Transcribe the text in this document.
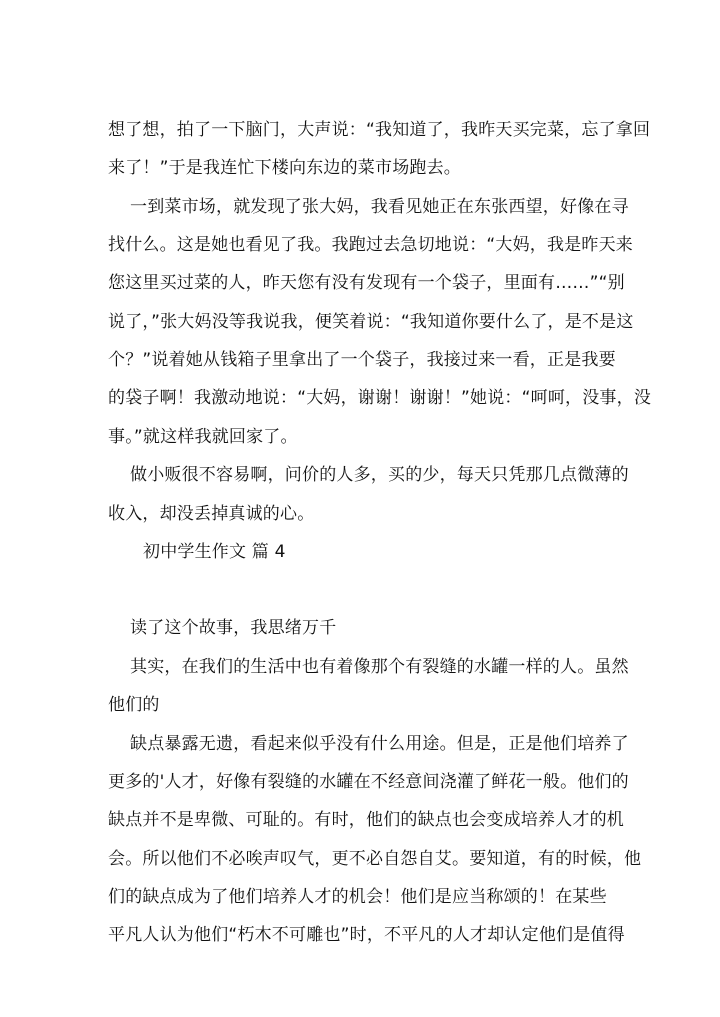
想了想，拍了一下脑门，大声说：“我知道了，我昨天买完菜，忘了拿回
来了！”于是我连忙下楼向东边的菜市场跑去。
一到菜市场，就发现了张大妈，我看见她正在东张西望，好像在寻
找什么。这是她也看见了我。我跑过去急切地说：“大妈，我是昨天来
您这里买过菜的人，昨天您有没有发现有一个袋子，里面有……”“别
说了，”张大妈没等我说我，便笑着说：“我知道你要什么了，是不是这
个？”说着她从钱箱子里拿出了一个袋子，我接过来一看，正是我要
的袋子啊！我激动地说：“大妈，谢谢！谢谢！”她说：“呵呵，没事，没
事。”就这样我就回家了。
做小贩很不容易啊，问价的人多，买的少，每天只凭那几点微薄的
收入，却没丢掉真诚的心。
初中学生作文 篇 4
读了这个故事，我思绪万千
其实，在我们的生活中也有着像那个有裂缝的水罐一样的人。虽然
他们的
缺点暴露无遗，看起来似乎没有什么用途。但是，正是他们培养了
更多的'人才，好像有裂缝的水罐在不经意间浇灌了鲜花一般。他们的
缺点并不是卑微、可耻的。有时，他们的缺点也会变成培养人才的机
会。所以他们不必唉声叹气，更不必自怨自艾。要知道，有的时候，他
们的缺点成为了他们培养人才的机会！他们是应当称颂的！在某些
平凡人认为他们“朽木不可雕也”时，不平凡的人才却认定他们是值得
